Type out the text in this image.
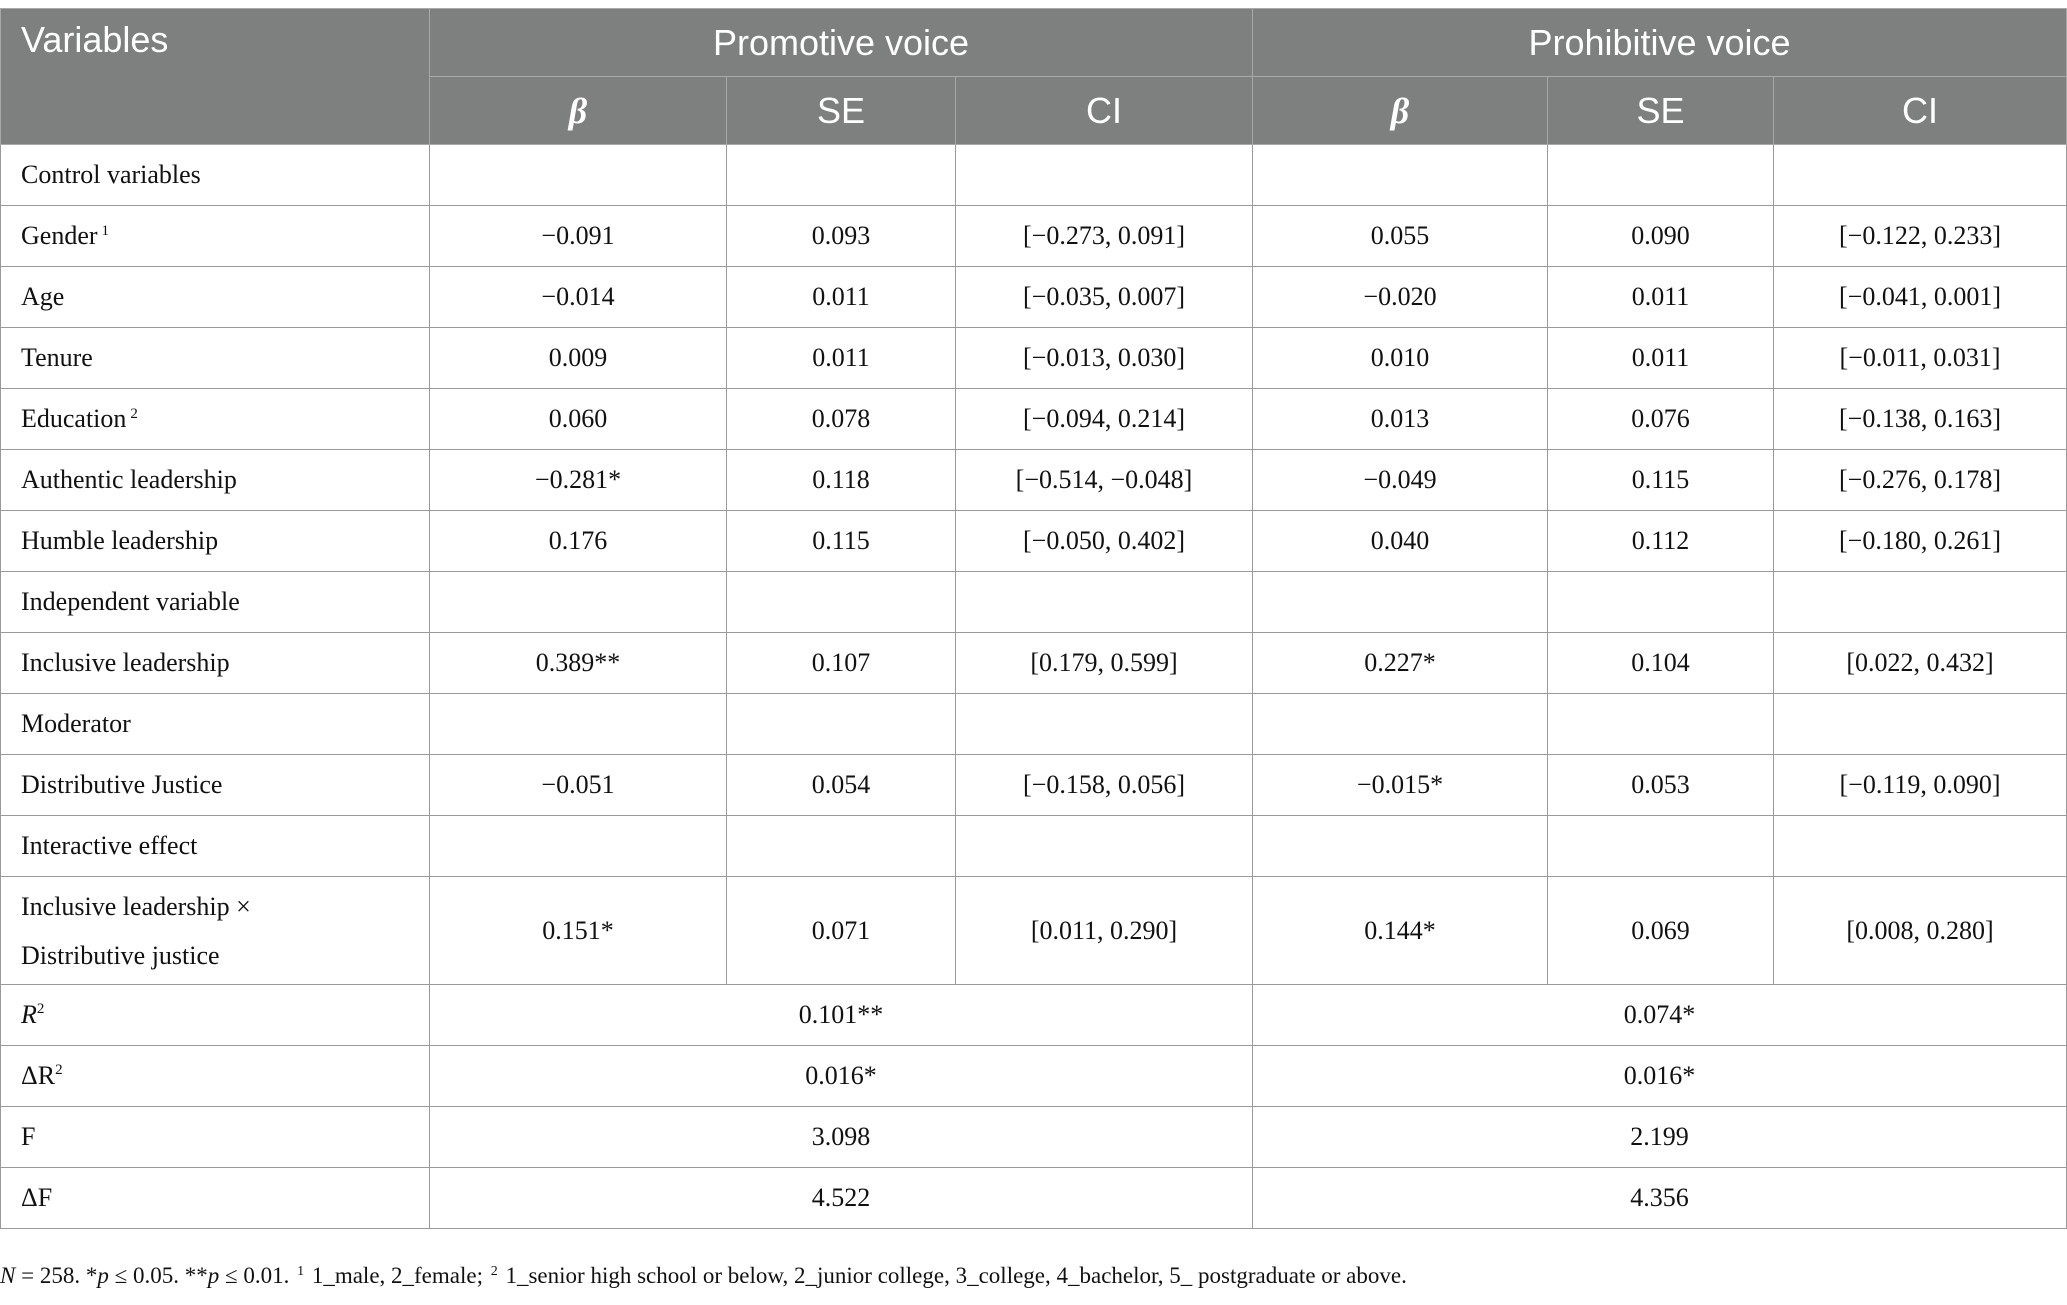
Variables	Promotive voice			Prohibitive voice		
	β	SE	CI	β	SE	CI
Control variables						
Gender $^1$	−0.091	0.093	[−0.273, 0.091]	0.055	0.090	[−0.122, 0.233]
Age	−0.014	0.011	[−0.035, 0.007]	−0.020	0.011	[−0.041, 0.001]
Tenure	0.009	0.011	[−0.013, 0.030]	0.010	0.011	[−0.011, 0.031]
Education $^2$	0.060	0.078	[−0.094, 0.214]	0.013	0.076	[−0.138, 0.163]
Authentic leadership	−0.281*	0.118	[−0.514, −0.048]	−0.049	0.115	[−0.276, 0.178]
Humble leadership	0.176	0.115	[−0.050, 0.402]	0.040	0.112	[−0.180, 0.261]
Independent variable						
Inclusive leadership	0.389**	0.107	[0.179, 0.599]	0.227*	0.104	[0.022, 0.432]
Moderator						
Distributive Justice	−0.051	0.054	[−0.158, 0.056]	−0.015*	0.053	[−0.119, 0.090]
Interactive effect						
Inclusive leadership ×
Distributive justice	0.151*	0.071	[0.011, 0.290]	0.144*	0.069	[0.008, 0.280]
$R^2$	0.101**			0.074*		
$\Delta R^2$	0.016*			0.016*		
F	3.098			2.199		
ΔF	4.522			4.356		
N = 258. *p ≤ 0.05. **p ≤ 0.01. $^1$ 1_male, 2_female; $^2$ 1_senior high school or below, 2_junior college, 3_college, 4_bachelor, 5_ postgraduate or above.
